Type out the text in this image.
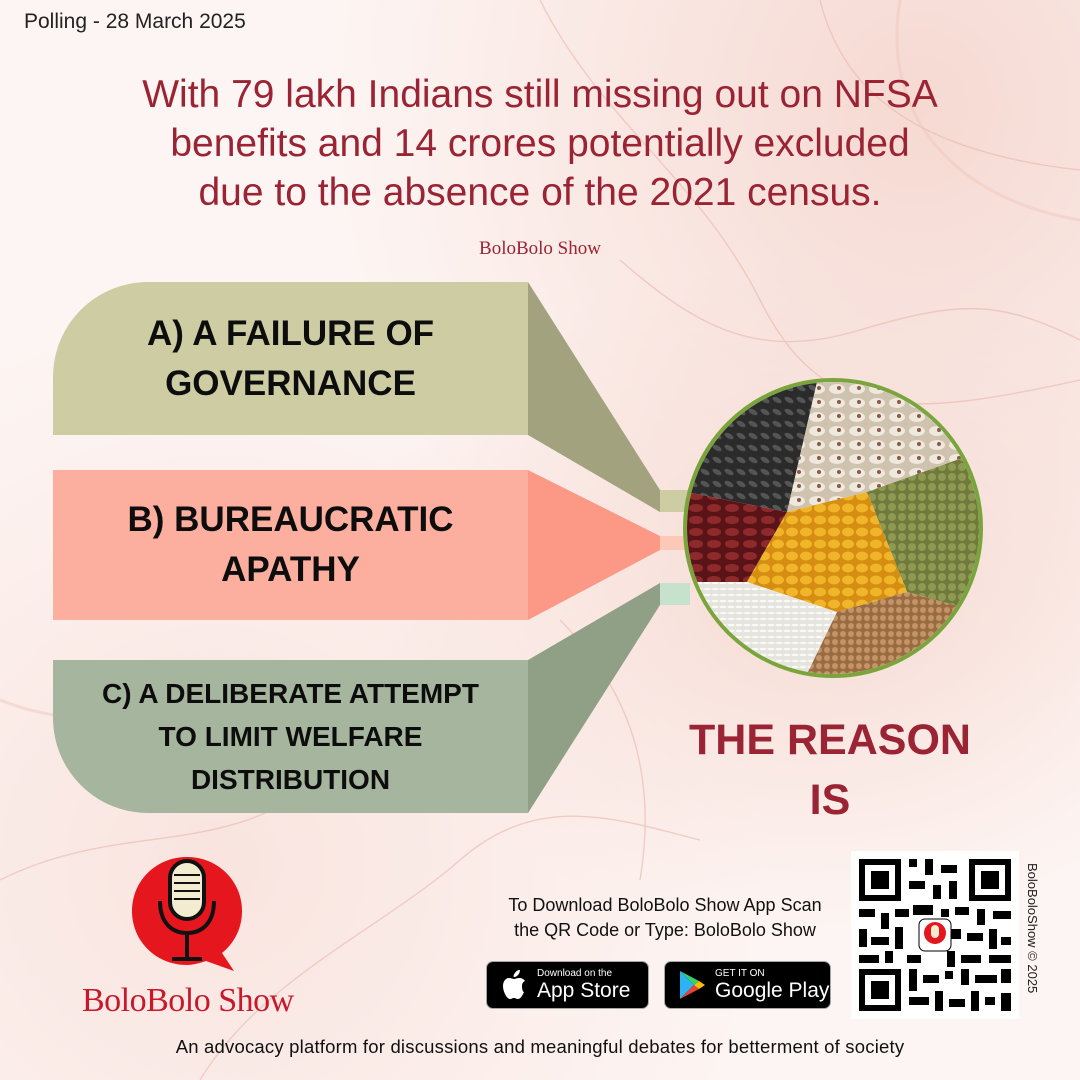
Polling - 28 March 2025
With 79 lakh Indians still missing out on NFSA
benefits and 14 crores potentially excluded
due to the absence of the 2021 census.
BoloBolo Show
A) A FAILURE OF
GOVERNANCE
B) BUREAUCRATIC
APATHY
C) A DELIBERATE ATTEMPT
TO LIMIT WELFARE
DISTRIBUTION
THE REASON
IS
BoloBolo Show
To Download BoloBolo Show App Scan
the QR Code or Type: BoloBolo Show
Download on the
App Store
GET IT ON
Google Play	BoloBoloShow © 2025
An advocacy platform for discussions and meaningful debates for betterment of society
